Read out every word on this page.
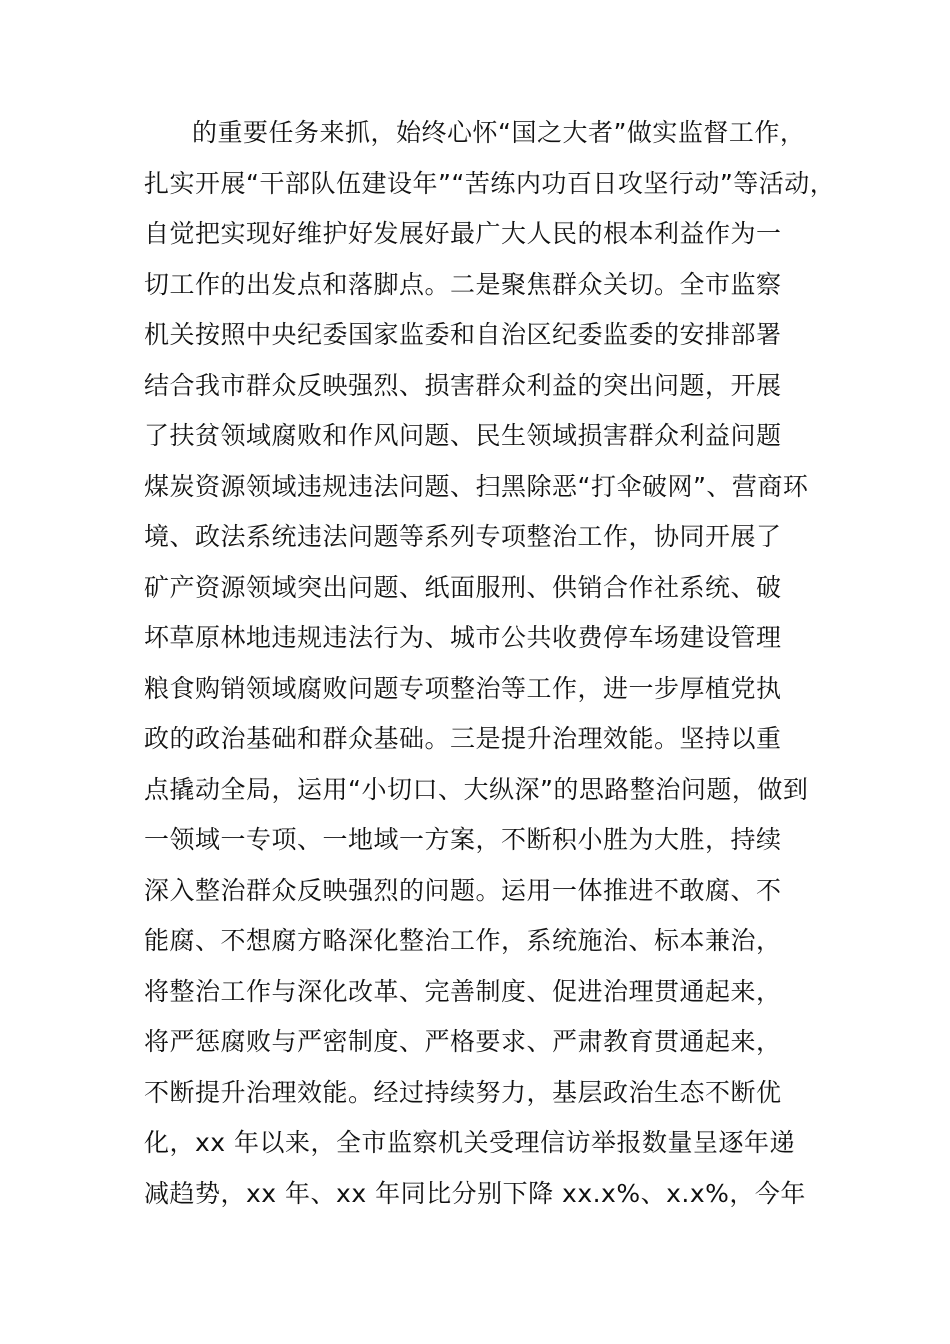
的重要任务来抓，始终心怀“国之大者”做实监督工作，
扎实开展“干部队伍建设年”“苦练内功百日攻坚行动”等活动，
自觉把实现好维护好发展好最广大人民的根本利益作为一
切工作的出发点和落脚点。二是聚焦群众关切。全市监察
机关按照中央纪委国家监委和自治区纪委监委的安排部署
结合我市群众反映强烈、损害群众利益的突出问题，开展
了扶贫领域腐败和作风问题、民生领域损害群众利益问题
煤炭资源领域违规违法问题、扫黑除恶“打伞破网”、营商环
境、政法系统违法问题等系列专项整治工作，协同开展了
矿产资源领域突出问题、纸面服刑、供销合作社系统、破
坏草原林地违规违法行为、城市公共收费停车场建设管理
粮食购销领域腐败问题专项整治等工作，进一步厚植党执
政的政治基础和群众基础。三是提升治理效能。坚持以重
点撬动全局，运用“小切口、大纵深”的思路整治问题，做到
一领域一专项、一地域一方案，不断积小胜为大胜，持续
深入整治群众反映强烈的问题。运用一体推进不敢腐、不
能腐、不想腐方略深化整治工作，系统施治、标本兼治，
将整治工作与深化改革、完善制度、促进治理贯通起来，
将严惩腐败与严密制度、严格要求、严肃教育贯通起来，
不断提升治理效能。经过持续努力，基层政治生态不断优
化，xx 年以来，全市监察机关受理信访举报数量呈逐年递
减趋势，xx 年、xx 年同比分别下降 xx.x%、x.x%，今年
